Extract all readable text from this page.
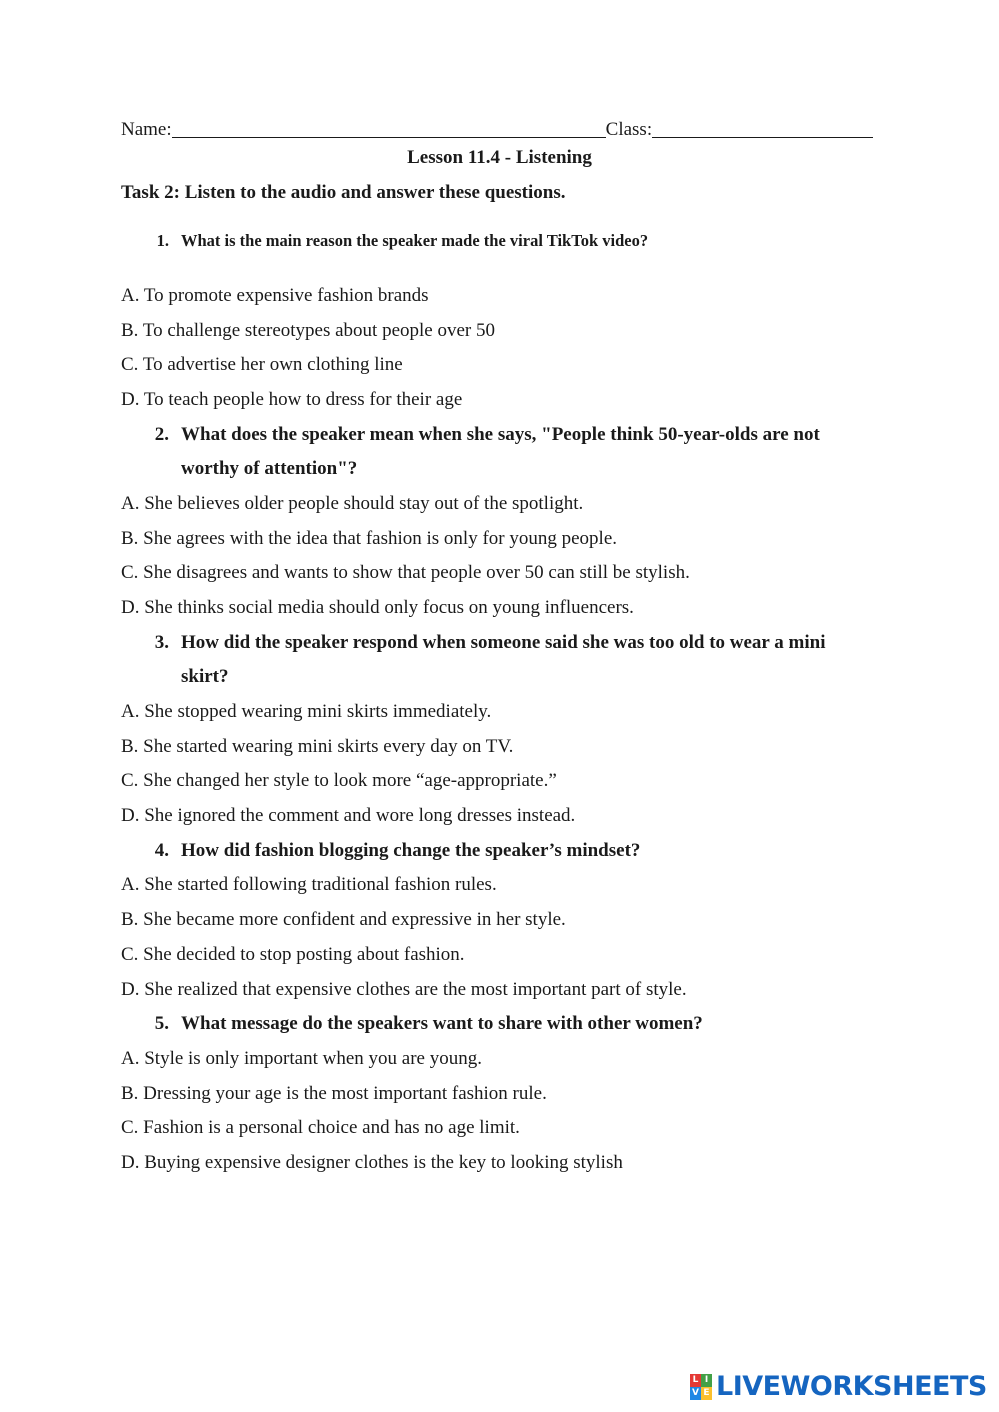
Name:	Class:
Lesson 11.4 - Listening
Task 2: Listen to the audio and answer these questions.
1. What is the main reason the speaker made the viral TikTok video?
A. To promote expensive fashion brands
B. To challenge stereotypes about people over 50
C. To advertise her own clothing line
D. To teach people how to dress for their age
2. What does the speaker mean when she says, "People think 50-year-olds are not worthy of attention"?
A. She believes older people should stay out of the spotlight.
B. She agrees with the idea that fashion is only for young people.
C. She disagrees and wants to show that people over 50 can still be stylish.
D. She thinks social media should only focus on young influencers.
3. How did the speaker respond when someone said she was too old to wear a mini skirt?
A. She stopped wearing mini skirts immediately.
B. She started wearing mini skirts every day on TV.
C. She changed her style to look more “age-appropriate.”
D. She ignored the comment and wore long dresses instead.
4. How did fashion blogging change the speaker’s mindset?
A. She started following traditional fashion rules.
B. She became more confident and expressive in her style.
C. She decided to stop posting about fashion.
D. She realized that expensive clothes are the most important part of style.
5. What message do the speakers want to share with other women?
A. Style is only important when you are young.
B. Dressing your age is the most important fashion rule.
C. Fashion is a personal choice and has no age limit.
D. Buying expensive designer clothes is the key to looking stylish
L I
V E LIVEWORKSHEETS
